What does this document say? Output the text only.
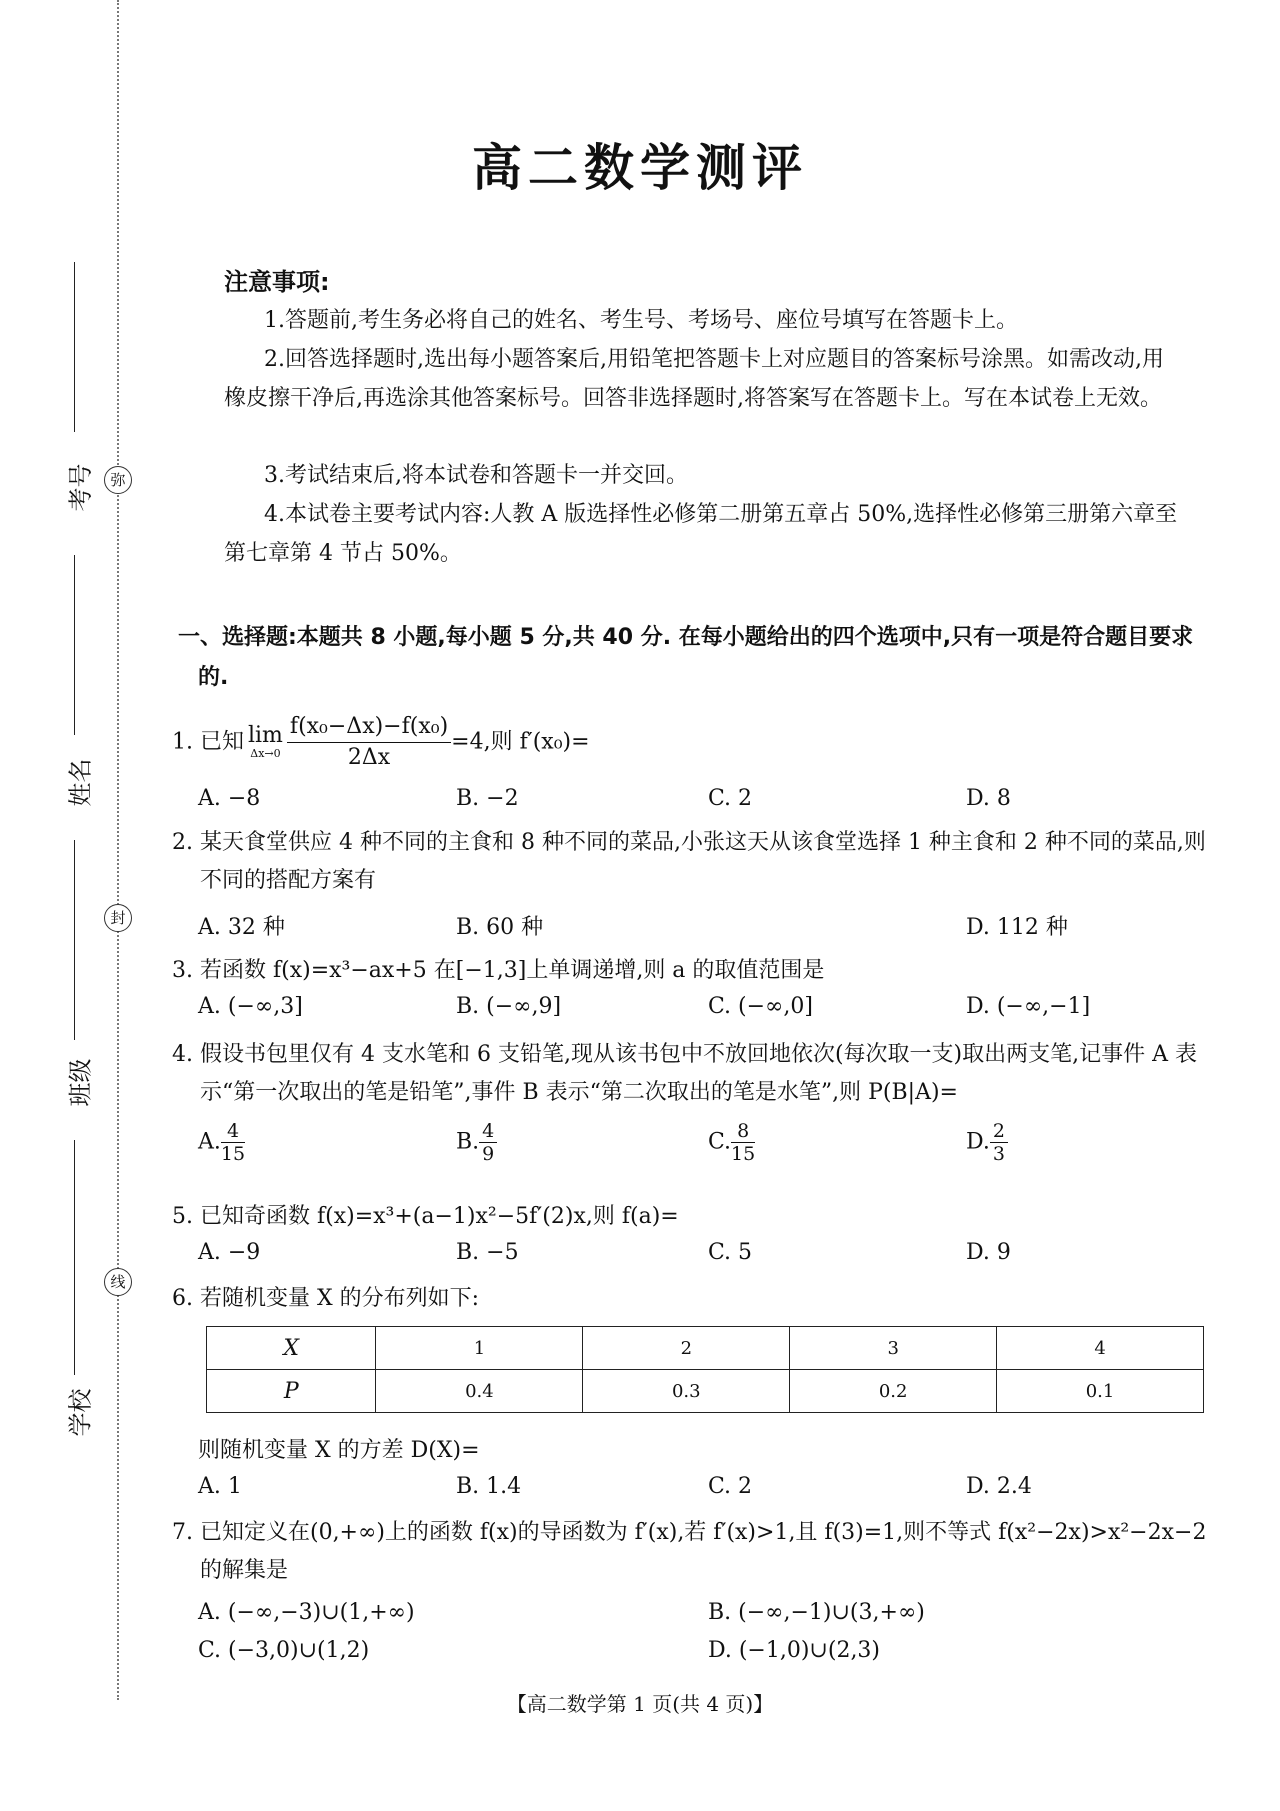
弥
封
线
考号
姓名
班级
学校
高二数学测评
注意事项:
1.答题前,考生务必将自己的姓名、考生号、考场号、座位号填写在答题卡上。
2.回答选择题时,选出每小题答案后,用铅笔把答题卡上对应题目的答案标号涂黑。如需改动,用橡皮擦干净后,再选涂其他答案标号。回答非选择题时,将答案写在答题卡上。写在本试卷上无效。
3.考试结束后,将本试卷和答题卡一并交回。
4.本试卷主要考试内容:人教 A 版选择性必修第二册第五章占 50%,选择性必修第三册第六章至第七章第 4 节占 50%。
一、选择题:本题共 8 小题,每小题 5 分,共 40 分. 在每小题给出的四个选项中,只有一项是符合题目要求的.
1. 已知 lim
$\Delta x\to 0 \frac{\text{f(x₀−Δx)−f(x₀)}}{2\Delta x} =4$,则 f′(x₀)=
A. −8	B. −2	C. 2	D. 8
2. 某天食堂供应 4 种不同的主食和 8 种不同的菜品,小张这天从该食堂选择 1 种主食和 2 种不同的菜品,则不同的搭配方案有
A. 32 种	B. 60 种	D. 112 种
3. 若函数 f(x)=x³−ax+5 在[−1,3]上单调递增,则 a 的取值范围是
A. (−∞,3]	B. (−∞,9]	C. (−∞,0]	D. (−∞,−1]
4. 假设书包里仅有 4 支水笔和 6 支铅笔,现从该书包中不放回地依次(每次取一支)取出两支笔,记事件 A 表示“第一次取出的笔是铅笔”,事件 B 表示“第二次取出的笔是水笔”,则 P(B|A)=
A. $\frac{4}{15}$	B. $\frac{4}{9}$	C. $\frac{8}{15}$	D. $\frac{2}{3}$
5. 已知奇函数 f(x)=x³+(a−1)x²−5f′(2)x,则 f(a)=
A. −9	B. −5	C. 5	D. 9
6. 若随机变量 X 的分布列如下:
X	1	2	3	4
P	0.4	0.3	0.2	0.1
则随机变量 X 的方差 D(X)=
A. 1	B. 1.4	C. 2	D. 2.4
7. 已知定义在(0,+∞)上的函数 f(x)的导函数为 f′(x),若 f′(x)>1,且 f(3)=1,则不等式 f(x²−2x)>x²−2x−2 的解集是
A. (−∞,−3)∪(1,+∞)	B. (−∞,−1)∪(3,+∞)
C. (−3,0)∪(1,2)	D. (−1,0)∪(2,3)
【高二数学第 1 页(共 4 页)】
